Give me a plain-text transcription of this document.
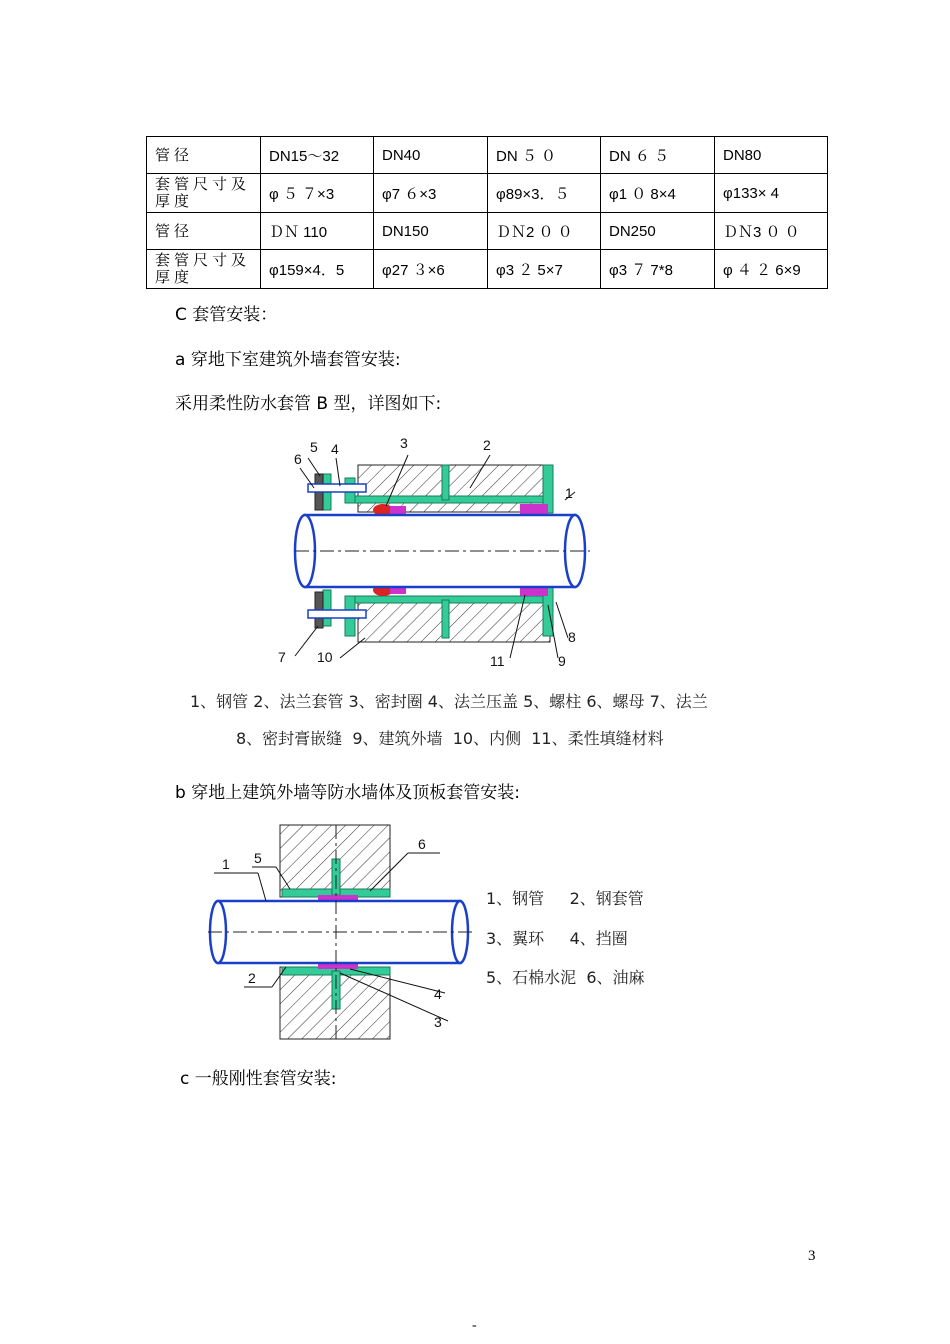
管径	DN15～32	DN40	DN ５ ０	DN ６ ５	DN80
套管尺寸及厚度	φ ５ ７×3	φ7 ６×3	φ89×3．５	φ1 ０ 8×4	φ133× 4
管径	ＤＮ 110	DN150	ＤＮ2 ０ ０	DN250	ＤＮ3 ０ ０
套管尺寸及厚度	φ159×4．5	φ27 ３×6	φ3 ２ 5×7	φ3 ７ 7*8	φ ４ ２ 6×9
C 套管安装：
a 穿地下室建筑外墙套管安装:
采用柔性防水套管 B 型，详图如下:
5 4
6
3	2
1
7 10	11	9
8
1、钢管 2、法兰套管 3、密封圈 4、法兰压盖 5、螺柱 6、螺母 7、法兰
8、密封膏嵌缝  9、建筑外墙  10、内侧  11、柔性填缝材料
b 穿地上建筑外墙等防水墙体及顶板套管安装:
1 5
6
2
4
3
1、钢管     2、钢套管
3、翼环     4、挡圈
5、石棉水泥  6、油麻
c 一般刚性套管安装:
3
-
